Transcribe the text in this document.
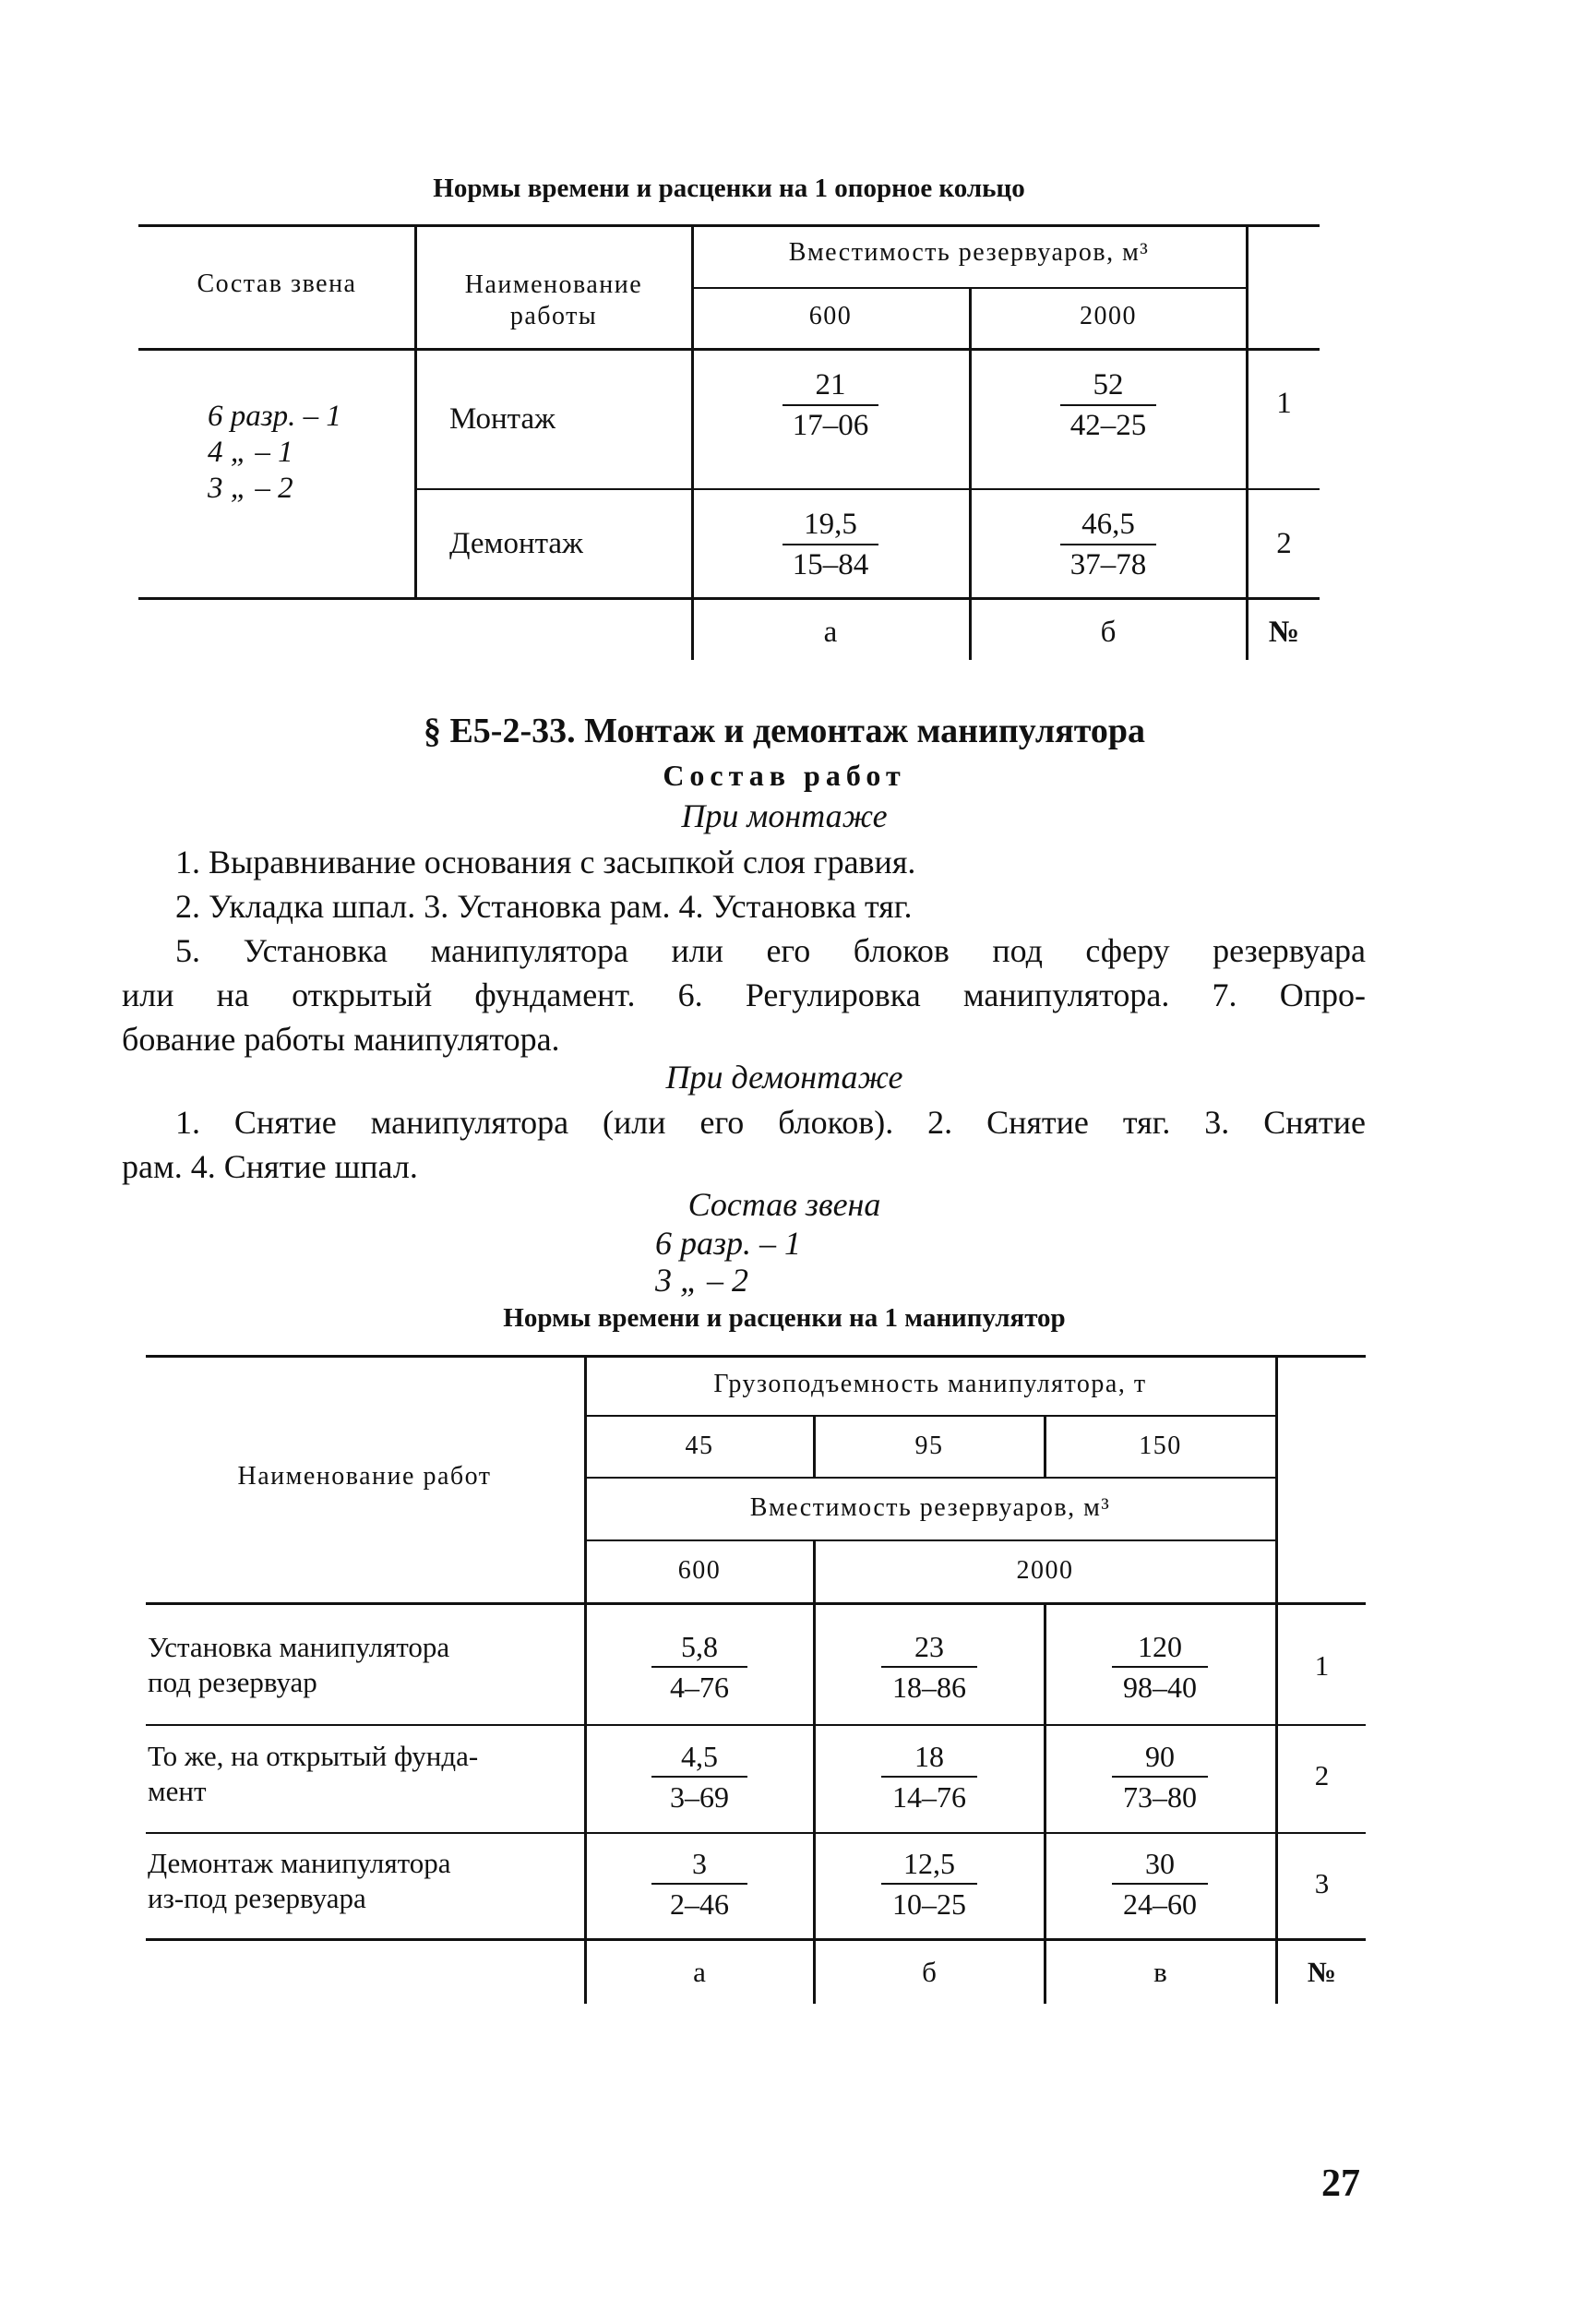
Нормы времени и расценки на 1 опорное кольцо
Состав звена	Наименование
работы
Вместимость резервуаров, м³
600	2000
6 разр. – 1
4 „ – 1
3 „ – 2
Монтаж	$\frac{21}{17-06}$	$\frac{52}{42-25}$	1
Демонтаж	$\frac{19,5}{15-84}$	$\frac{46,5}{37-78}$	2
а	б	№
§ Е5-2-33. Монтаж и демонтаж манипулятора
Состав работ
При монтаже
1. Выравнивание основания с засыпкой слоя гравия.
2. Укладка шпал. 3. Установка рам. 4. Установка тяг.
5. Установка манипулятора или его блоков под сферу резервуара
или на открытый фундамент. 6. Регулировка манипулятора. 7. Опро-
бование работы манипулятора.
При демонтаже
1. Снятие манипулятора (или его блоков). 2. Снятие тяг. 3. Снятие
рам. 4. Снятие шпал.
Состав звена
6 разр. – 1
3 „ – 2
Нормы времени и расценки на 1 манипулятор
Наименование работ
Грузоподъемность манипулятора, т
45	95	150
Вместимость резервуаров, м³
600	2000
Установка манипулятора
под резервуар	$\frac{5,8}{4-76}$	$\frac{23}{18-86}$	$\frac{120}{98-40}$	1
То же, на открытый фунда-
мент	$\frac{4,5}{3-69}$	$\frac{18}{14-76}$	$\frac{90}{73-80}$	2
Демонтаж манипулятора
из-под резервуара	$\frac{3}{2-46}$	$\frac{12,5}{10-25}$	$\frac{30}{24-60}$	3
а	б	в	№
27
